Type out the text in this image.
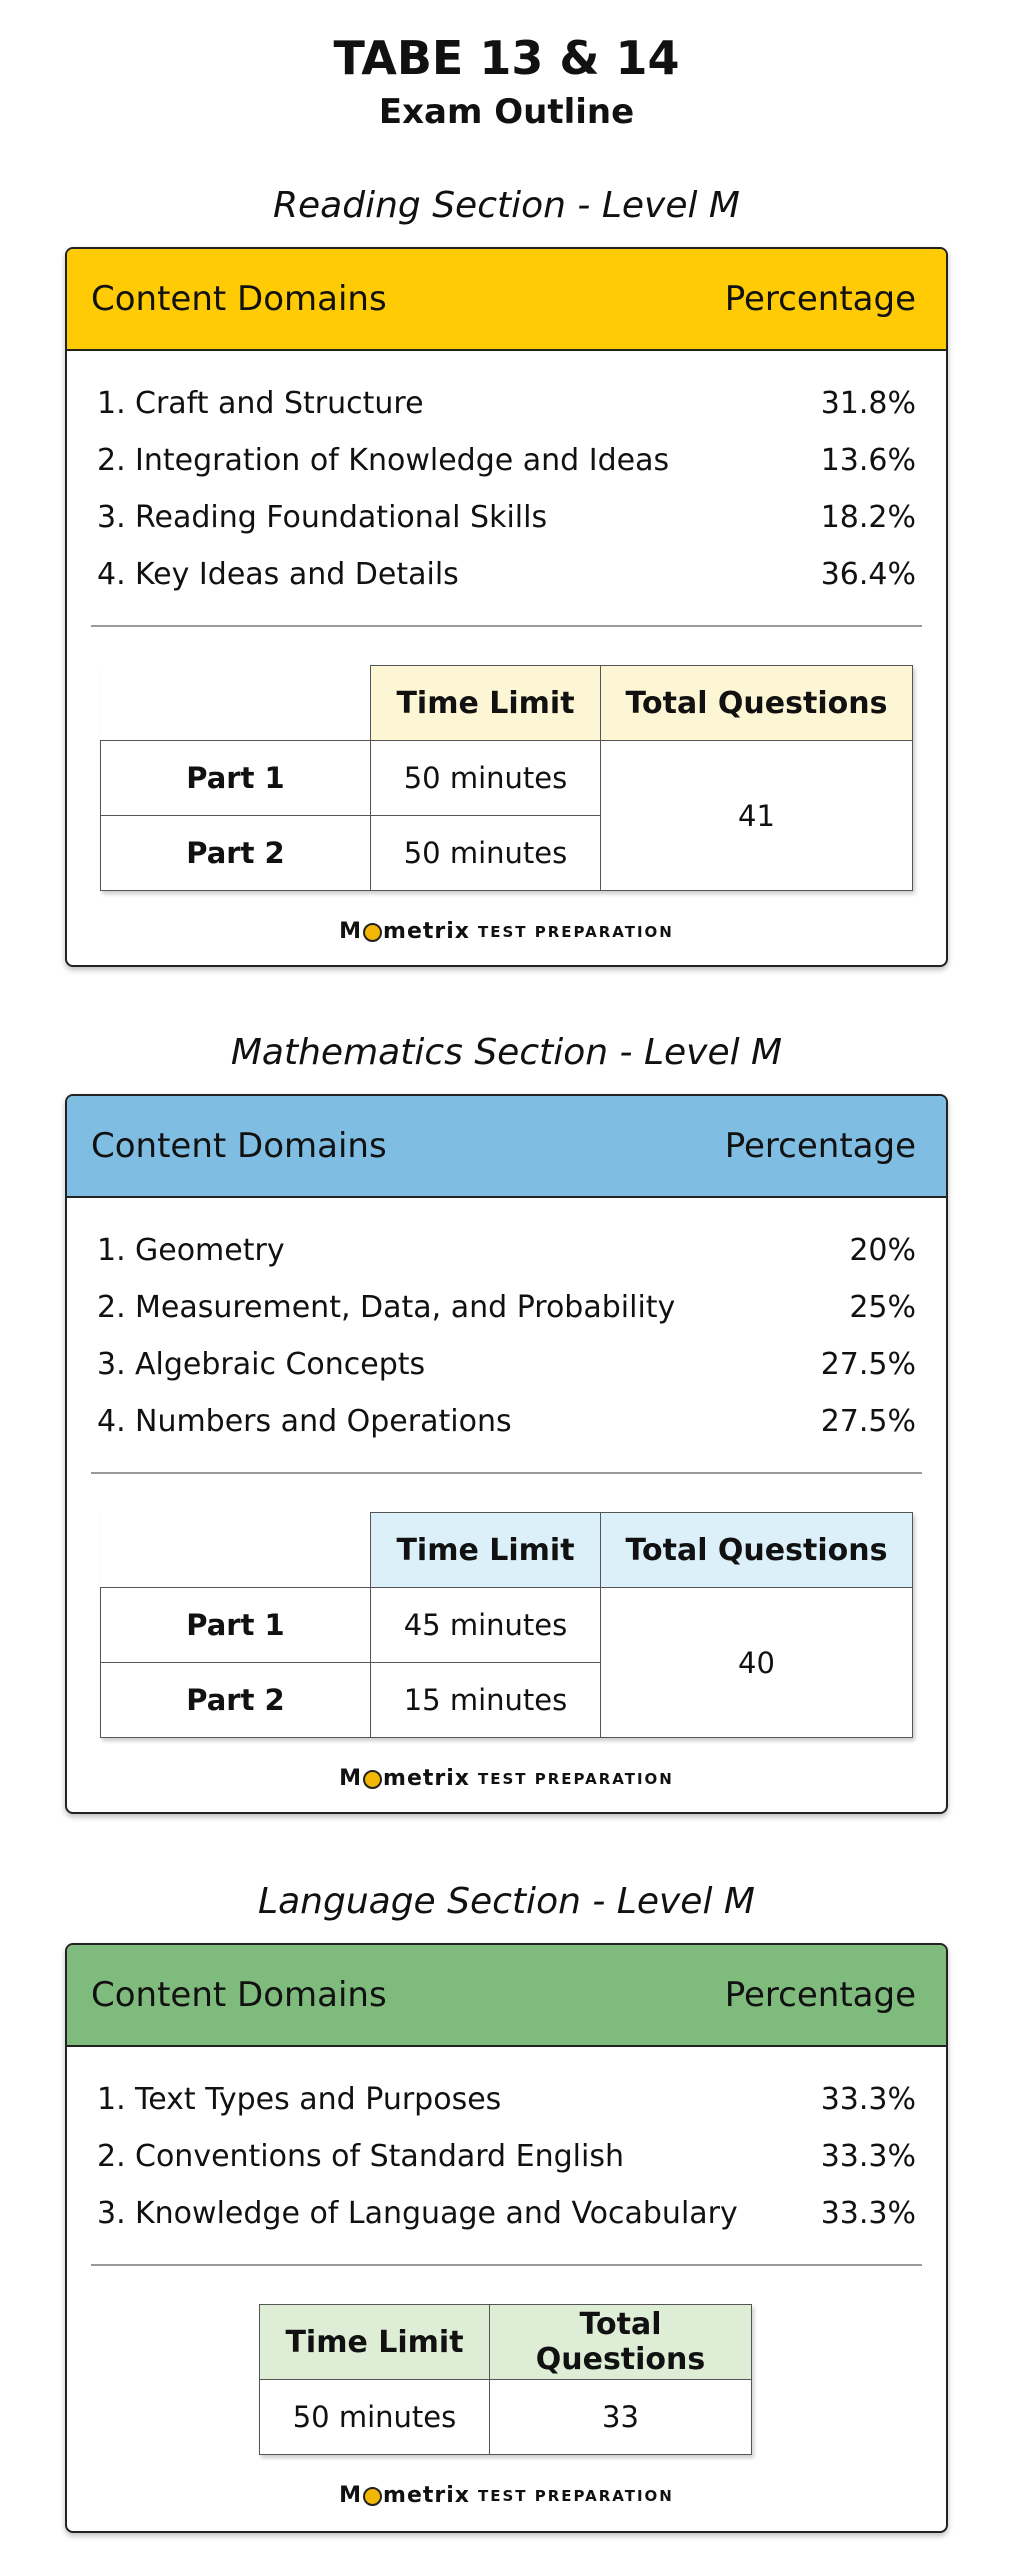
TABE 13 & 14
Exam Outline
Reading Section - Level M
Content Domains	Percentage
1. Craft and Structure	31.8%
2. Integration of Knowledge and Ideas	13.6%
3. Reading Foundational Skills	18.2%
4. Key Ideas and Details	36.4%
	Time Limit	Total Questions
Part 1	50 minutes	41
Part 2	50 minutes	
M metrix TEST PREPARATION
Mathematics Section - Level M
Content Domains	Percentage
1. Geometry	20%
2. Measurement, Data, and Probability	25%
3. Algebraic Concepts	27.5%
4. Numbers and Operations	27.5%
	Time Limit	Total Questions
Part 1	45 minutes	40
Part 2	15 minutes	
M metrix TEST PREPARATION
Language Section - Level M
Content Domains	Percentage
1. Text Types and Purposes	33.3%
2. Conventions of Standard English	33.3%
3. Knowledge of Language and Vocabulary	33.3%
Time Limit	Total Questions
50 minutes	33
M metrix TEST PREPARATION
